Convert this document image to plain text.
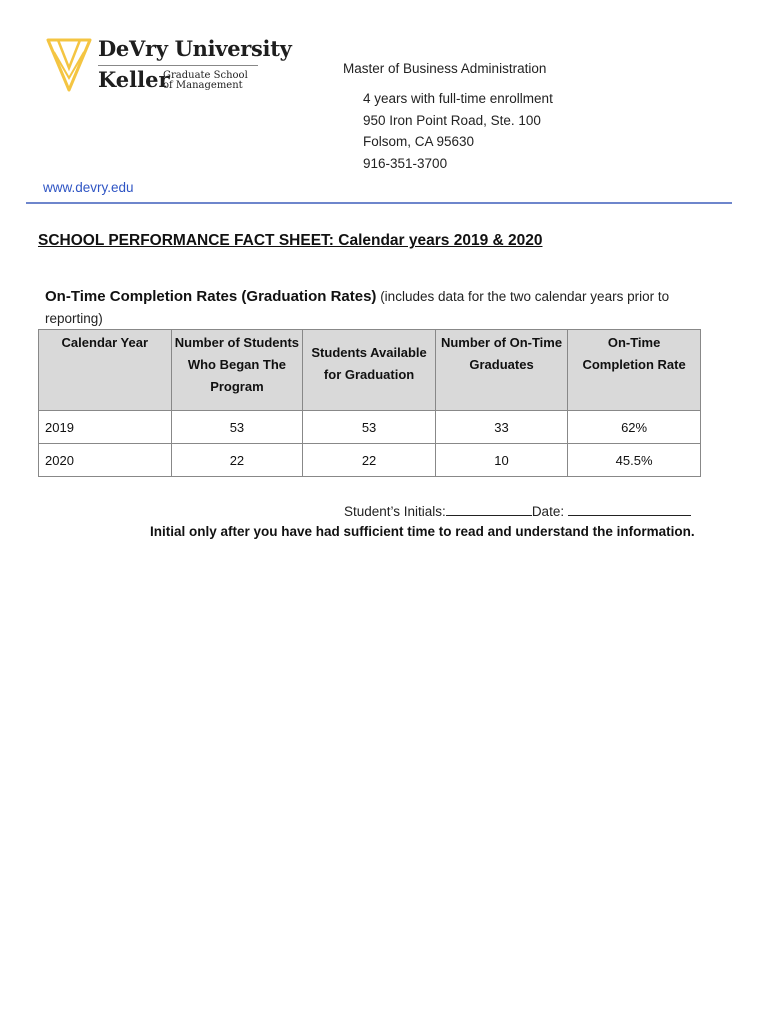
DeVry University
Keller
Graduate School
of Management
Master of Business Administration
4 years with full-time enrollment
950 Iron Point Road, Ste. 100
Folsom, CA 95630
916-351-3700
www.devry.edu
SCHOOL PERFORMANCE FACT SHEET: Calendar years 2019 & 2020
On-Time Completion Rates (Graduation Rates) (includes data for the two calendar years prior to reporting)
Calendar Year	Number of Students Who Began The Program	Students Available for Graduation	Number of On-Time Graduates	On-Time Completion Rate
2019	53	53	33	62%
2020	22	22	10	45.5%
Student’s Initials:	Date:
Initial only after you have had sufficient time to read and understand the information.
